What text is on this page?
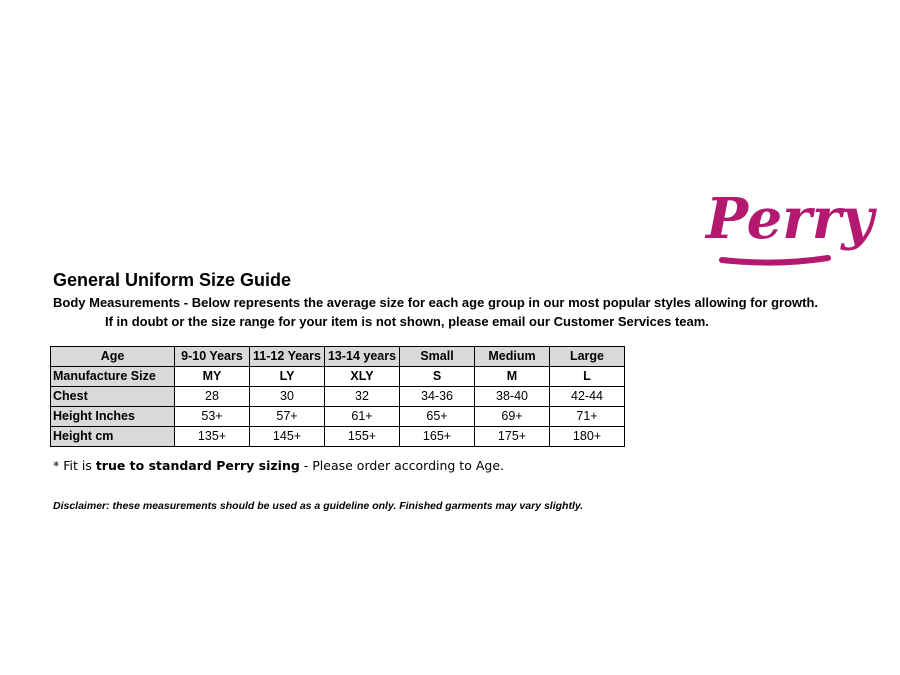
Perry
General Uniform Size Guide
Body Measurements - Below represents the average size for each age group in our most popular styles allowing for growth.
If in doubt or the size range for your item is not shown, please email our Customer Services team.
Age	9-10 Years	11-12 Years	13-14 years	Small	Medium	Large
Manufacture Size	MY	LY	XLY	S	M	L
Chest	28	30	32	34-36	38-40	42-44
Height Inches	53+	57+	61+	65+	69+	71+
Height cm	135+	145+	155+	165+	175+	180+
* Fit is true to standard Perry sizing - Please order according to Age.
Disclaimer: these measurements should be used as a guideline only. Finished garments may vary slightly.
